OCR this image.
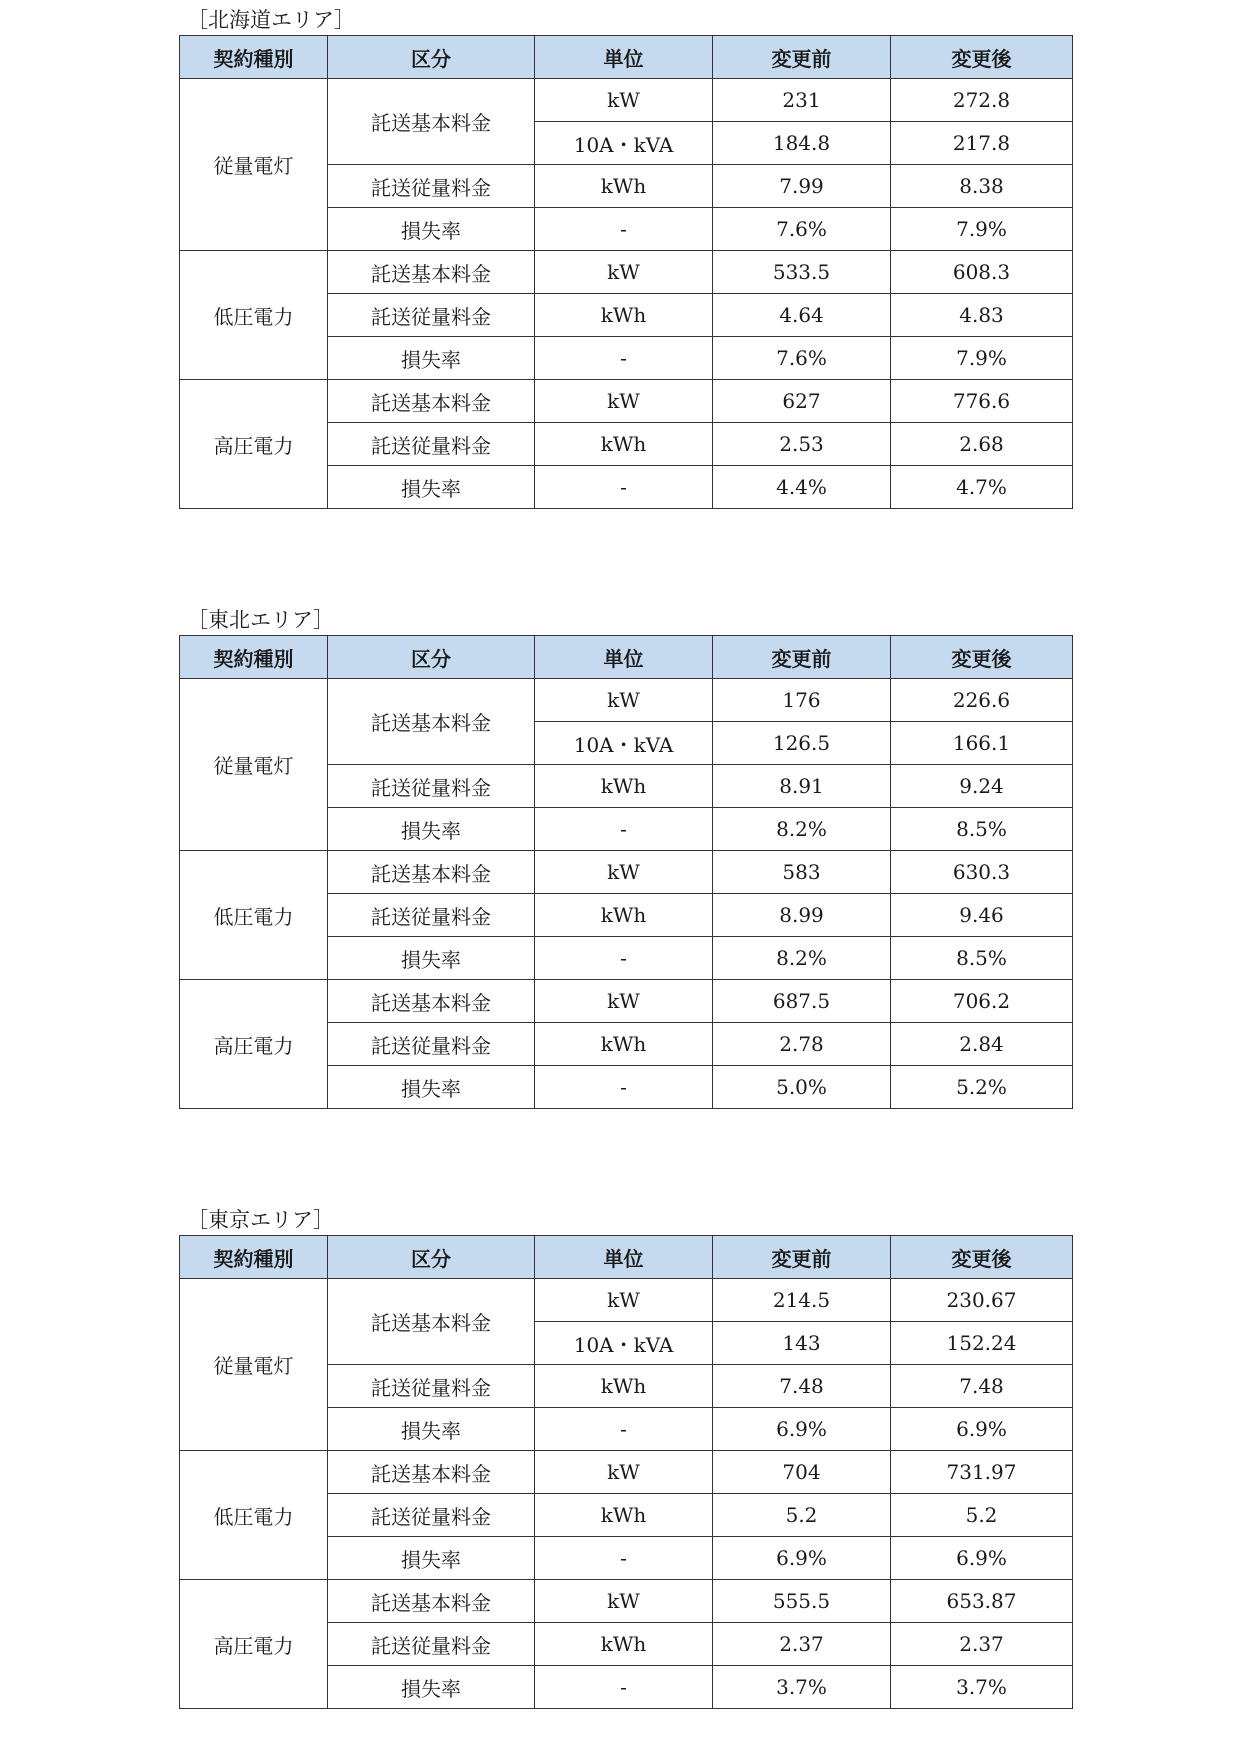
［北海道エリア］
契約種別	区分	単位	変更前	変更後
従量電灯	託送基本料金	kW	231	272.8
		10A・kVA	184.8	217.8
	託送従量料金	kWh	7.99	8.38
	損失率	-	7.6%	7.9%
低圧電力	託送基本料金	kW	533.5	608.3
	託送従量料金	kWh	4.64	4.83
	損失率	-	7.6%	7.9%
高圧電力	託送基本料金	kW	627	776.6
	託送従量料金	kWh	2.53	2.68
	損失率	-	4.4%	4.7%
［東北エリア］
契約種別	区分	単位	変更前	変更後
従量電灯	託送基本料金	kW	176	226.6
		10A・kVA	126.5	166.1
	託送従量料金	kWh	8.91	9.24
	損失率	-	8.2%	8.5%
低圧電力	託送基本料金	kW	583	630.3
	託送従量料金	kWh	8.99	9.46
	損失率	-	8.2%	8.5%
高圧電力	託送基本料金	kW	687.5	706.2
	託送従量料金	kWh	2.78	2.84
	損失率	-	5.0%	5.2%
［東京エリア］
契約種別	区分	単位	変更前	変更後
従量電灯	託送基本料金	kW	214.5	230.67
		10A・kVA	143	152.24
	託送従量料金	kWh	7.48	7.48
	損失率	-	6.9%	6.9%
低圧電力	託送基本料金	kW	704	731.97
	託送従量料金	kWh	5.2	5.2
	損失率	-	6.9%	6.9%
高圧電力	託送基本料金	kW	555.5	653.87
	託送従量料金	kWh	2.37	2.37
	損失率	-	3.7%	3.7%
